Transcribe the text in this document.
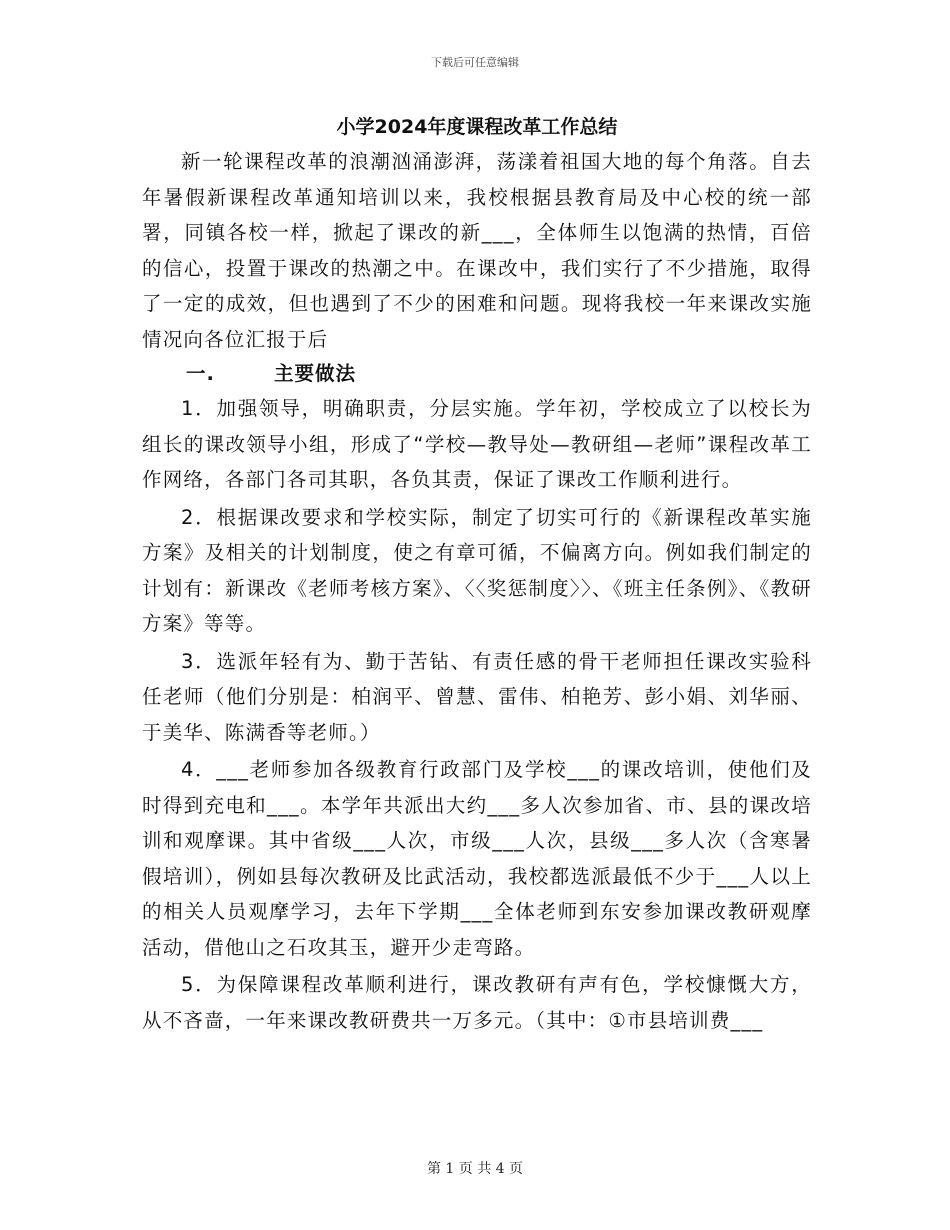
下载后可任意编辑
小学2024年度课程改革工作总结

新一轮课程改革的浪潮汹涌澎湃，荡漾着祖国大地的每个角落。自去年暑假新课程改革通知培训以来，我校根据县教育局及中心校的统一部署，同镇各校一样，掀起了课改的新___，全体师生以饱满的热情，百倍的信心，投置于课改的热潮之中。在课改中，我们实行了不少措施，取得了一定的成效，但也遇到了不少的困难和问题。现将我校一年来课改实施情况向各位汇报于后

一.	主要做法

1．加强领导，明确职责，分层实施。学年初，学校成立了以校长为组长的课改领导小组，形成了“学校—教导处—教研组—老师”课程改革工作网络，各部门各司其职，各负其责，保证了课改工作顺利进行。

2．根据课改要求和学校实际，制定了切实可行的《新课程改革实施方案》及相关的计划制度，使之有章可循，不偏离方向。例如我们制定的计划有：新课改《老师考核方案》、〈〈奖惩制度〉〉、《班主任条例》、《教研方案》等等。

3．选派年轻有为、勤于苦钻、有责任感的骨干老师担任课改实验科任老师（他们分别是：柏润平、曾慧、雷伟、柏艳芳、彭小娟、刘华丽、于美华、陈满香等老师。）

4．___老师参加各级教育行政部门及学校___的课改培训，使他们及时得到充电和___。本学年共派出大约___多人次参加省、市、县的课改培训和观摩课。其中省级___人次，市级___人次，县级___多人次（含寒暑假培训），例如县每次教研及比武活动，我校都选派最低不少于___人以上的相关人员观摩学习，去年下学期___全体老师到东安参加课改教研观摩活动，借他山之石攻其玉，避开少走弯路。

5．为保障课程改革顺利进行，课改教研有声有色，学校慷慨大方，从不吝啬，一年来课改教研费共一万多元。（其中：①市县培训费___

第 1 页 共 4 页
